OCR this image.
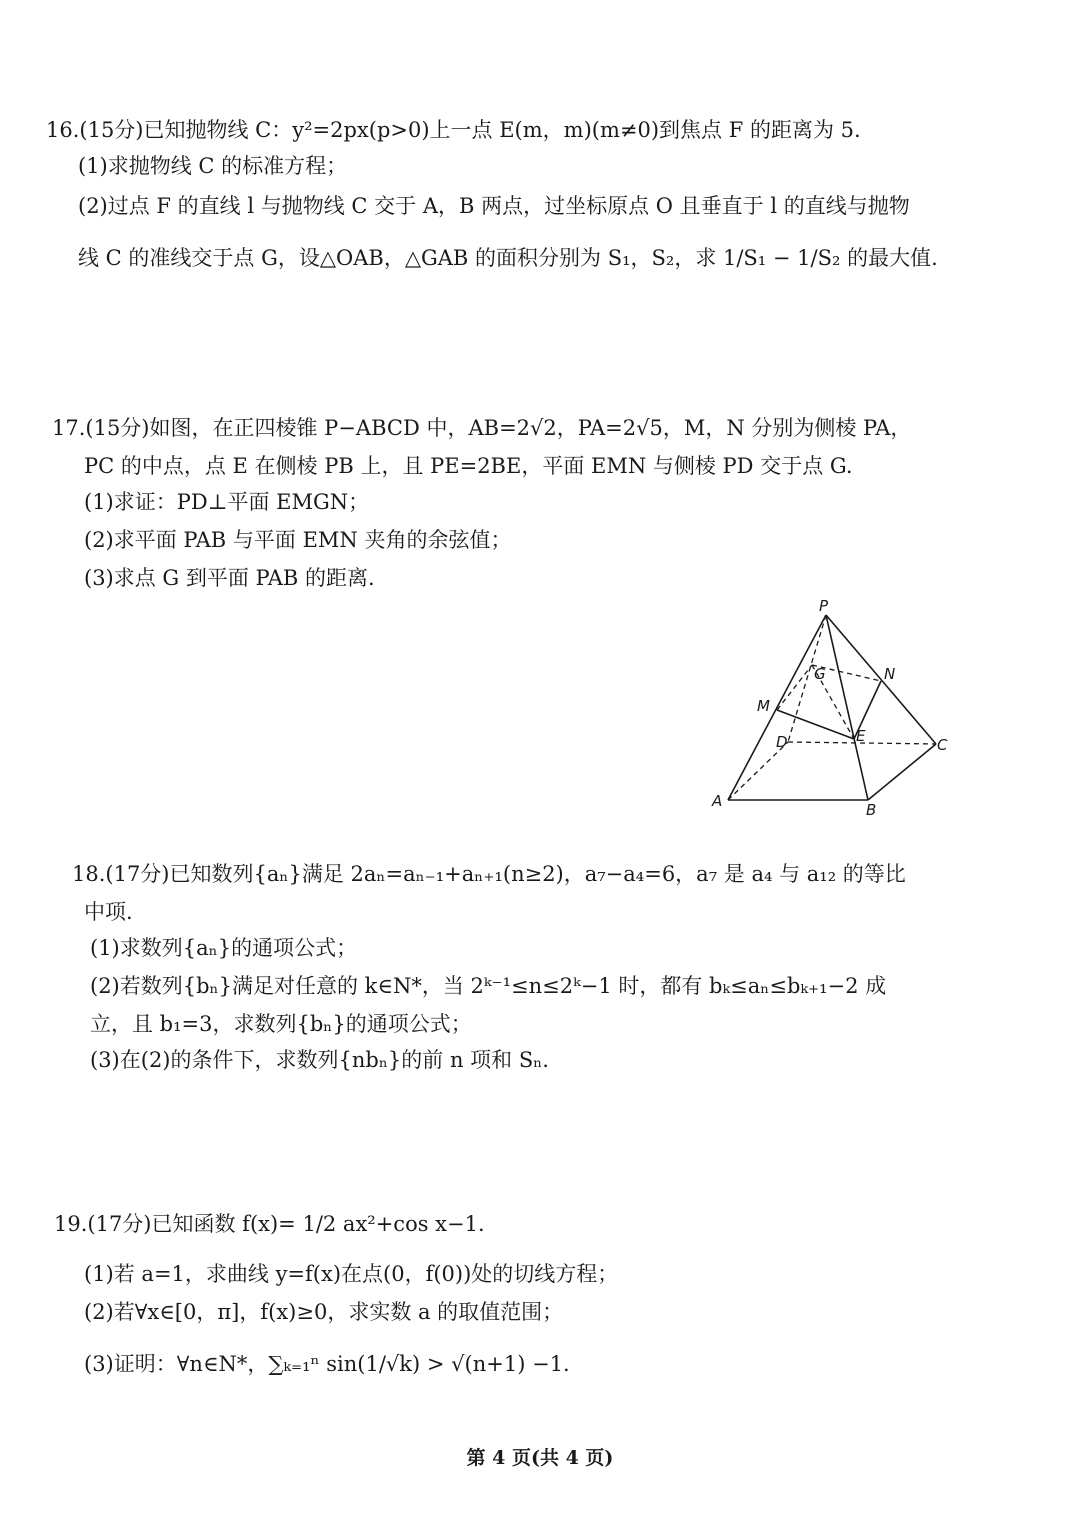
16.(15分)已知抛物线 C：y²=2px(p>0)上一点 E(m，m)(m≠0)到焦点 F 的距离为 5.
(1)求抛物线 C 的标准方程；
(2)过点 F 的直线 l 与抛物线 C 交于 A，B 两点，过坐标原点 O 且垂直于 l 的直线与抛物
线 C 的准线交于点 G，设△OAB，△GAB 的面积分别为 S₁，S₂，求 1/S₁ − 1/S₂ 的最大值.
17.(15分)如图，在正四棱锥 P−ABCD 中，AB=2√2，PA=2√5，M，N 分别为侧棱 PA，
PC 的中点，点 E 在侧棱 PB 上，且 PE=2BE，平面 EMN 与侧棱 PD 交于点 G.
(1)求证：PD⊥平面 EMGN；
(2)求平面 PAB 与平面 EMN 夹角的余弦值；
(3)求点 G 到平面 PAB 的距离.
P
G	N
M
D	E	C
A	B
18.(17分)已知数列{aₙ}满足 2aₙ=aₙ₋₁+aₙ₊₁(n≥2)，a₇−a₄=6，a₇ 是 a₄ 与 a₁₂ 的等比
中项.
(1)求数列{aₙ}的通项公式；
(2)若数列{bₙ}满足对任意的 k∈N*，当 2ᵏ⁻¹≤n≤2ᵏ−1 时，都有 bₖ≤aₙ≤bₖ₊₁−2 成
立，且 b₁=3，求数列{bₙ}的通项公式；
(3)在(2)的条件下，求数列{nbₙ}的前 n 项和 Sₙ.
19.(17分)已知函数 f(x)= 1/2 ax²+cos x−1.
(1)若 a=1，求曲线 y=f(x)在点(0，f(0))处的切线方程；
(2)若∀x∈[0，π]，f(x)≥0，求实数 a 的取值范围；
(3)证明：∀n∈N*，∑ₖ₌₁ⁿ sin(1/√k) > √(n+1) −1.
第 4 页(共 4 页)
